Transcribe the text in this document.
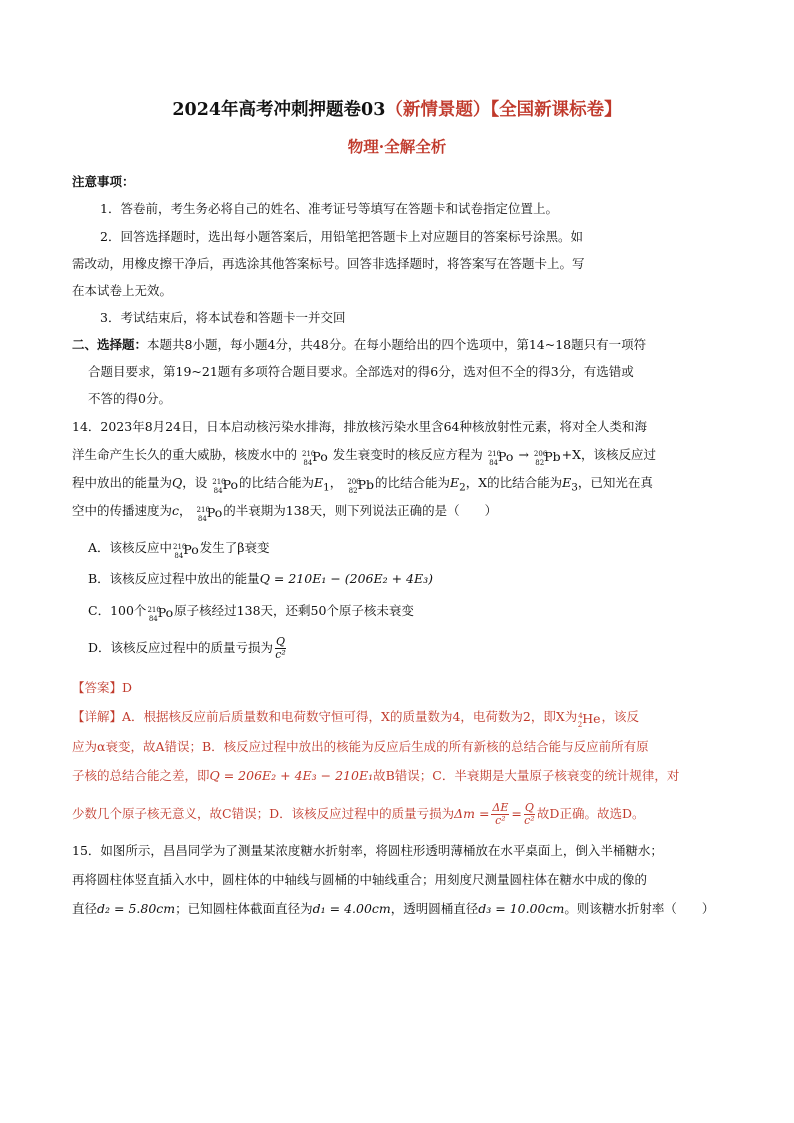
2024年高考冲刺押题卷03（新情景题）【全国新课标卷】
物理·全解全析
注意事项：
1．答卷前，考生务必将自己的姓名、准考证号等填写在答题卡和试卷指定位置上。
2．回答选择题时，选出每小题答案后，用铅笔把答题卡上对应题目的答案标号涂黑。如
需改动，用橡皮擦干净后，再选涂其他答案标号。回答非选择题时，将答案写在答题卡上。写
在本试卷上无效。
3．考试结束后，将本试卷和答题卡一并交回
二、选择题：本题共8小题，每小题4分，共48分。在每小题给出的四个选项中，第14~18题只有一项符
合题目要求，第19~21题有多项符合题目要求。全部选对的得6分，选对但不全的得3分，有选错或
不答的得0分。
14．2023年8月24日，日本启动核污染水排海，排放核污染水里含64种核放射性元素，将对全人类和海
洋生命产生长久的重大威胁，核废水中的 $^{210}_{84}$Po 发生衰变时的核反应方程为 $^{210}_{84}$Po → $^{206}_{82}$Pb+X，该核反应过
程中放出的能量为Q，设 $^{210}_{84}$Po的比结合能为$E_1$， $^{206}_{82}$Pb的比结合能为$E_2$，X的比结合能为$E_3$，已知光在真
空中的传播速度为c， $^{210}_{84}$Po的半衰期为138天，则下列说法正确的是（　　）
A．该核反应中$^{210}_{84}$Po发生了β衰变
B．该核反应过程中放出的能量Q = 210E₁ − (206E₂ + 4E₃)
C．100个$^{210}_{84}$Po原子核经过138天，还剩50个原子核未衰变
D．该核反应过程中的质量亏损为 $\frac{Q}{\text{c²}}$
【答案】D
【详解】A．根据核反应前后质量数和电荷数守恒可得，X的质量数为4，电荷数为2，即X为$^4_2$He，该反
应为α衰变，故A错误；B．核反应过程中放出的核能为反应后生成的所有新核的总结合能与反应前所有原
子核的总结合能之差，即Q = 206E₂ + 4E₃ − 210E₁故B错误；C．半衰期是大量原子核衰变的统计规律，对
少数几个原子核无意义，故C错误；D．该核反应过程中的质量亏损为$\Delta m = \frac{\Delta E}{\text{c²}} = \frac{Q}{\text{c²}}$ 故D正确。故选D。
15．如图所示，昌昌同学为了测量某浓度糖水折射率，将圆柱形透明薄桶放在水平桌面上，倒入半桶糖水；
再将圆柱体竖直插入水中，圆柱体的中轴线与圆桶的中轴线重合；用刻度尺测量圆柱体在糖水中成的像的
直径d₂ = 5.80cm；已知圆柱体截面直径为d₁ = 4.00cm，透明圆桶直径d₃ = 10.00cm。则该糖水折射率（　　）
